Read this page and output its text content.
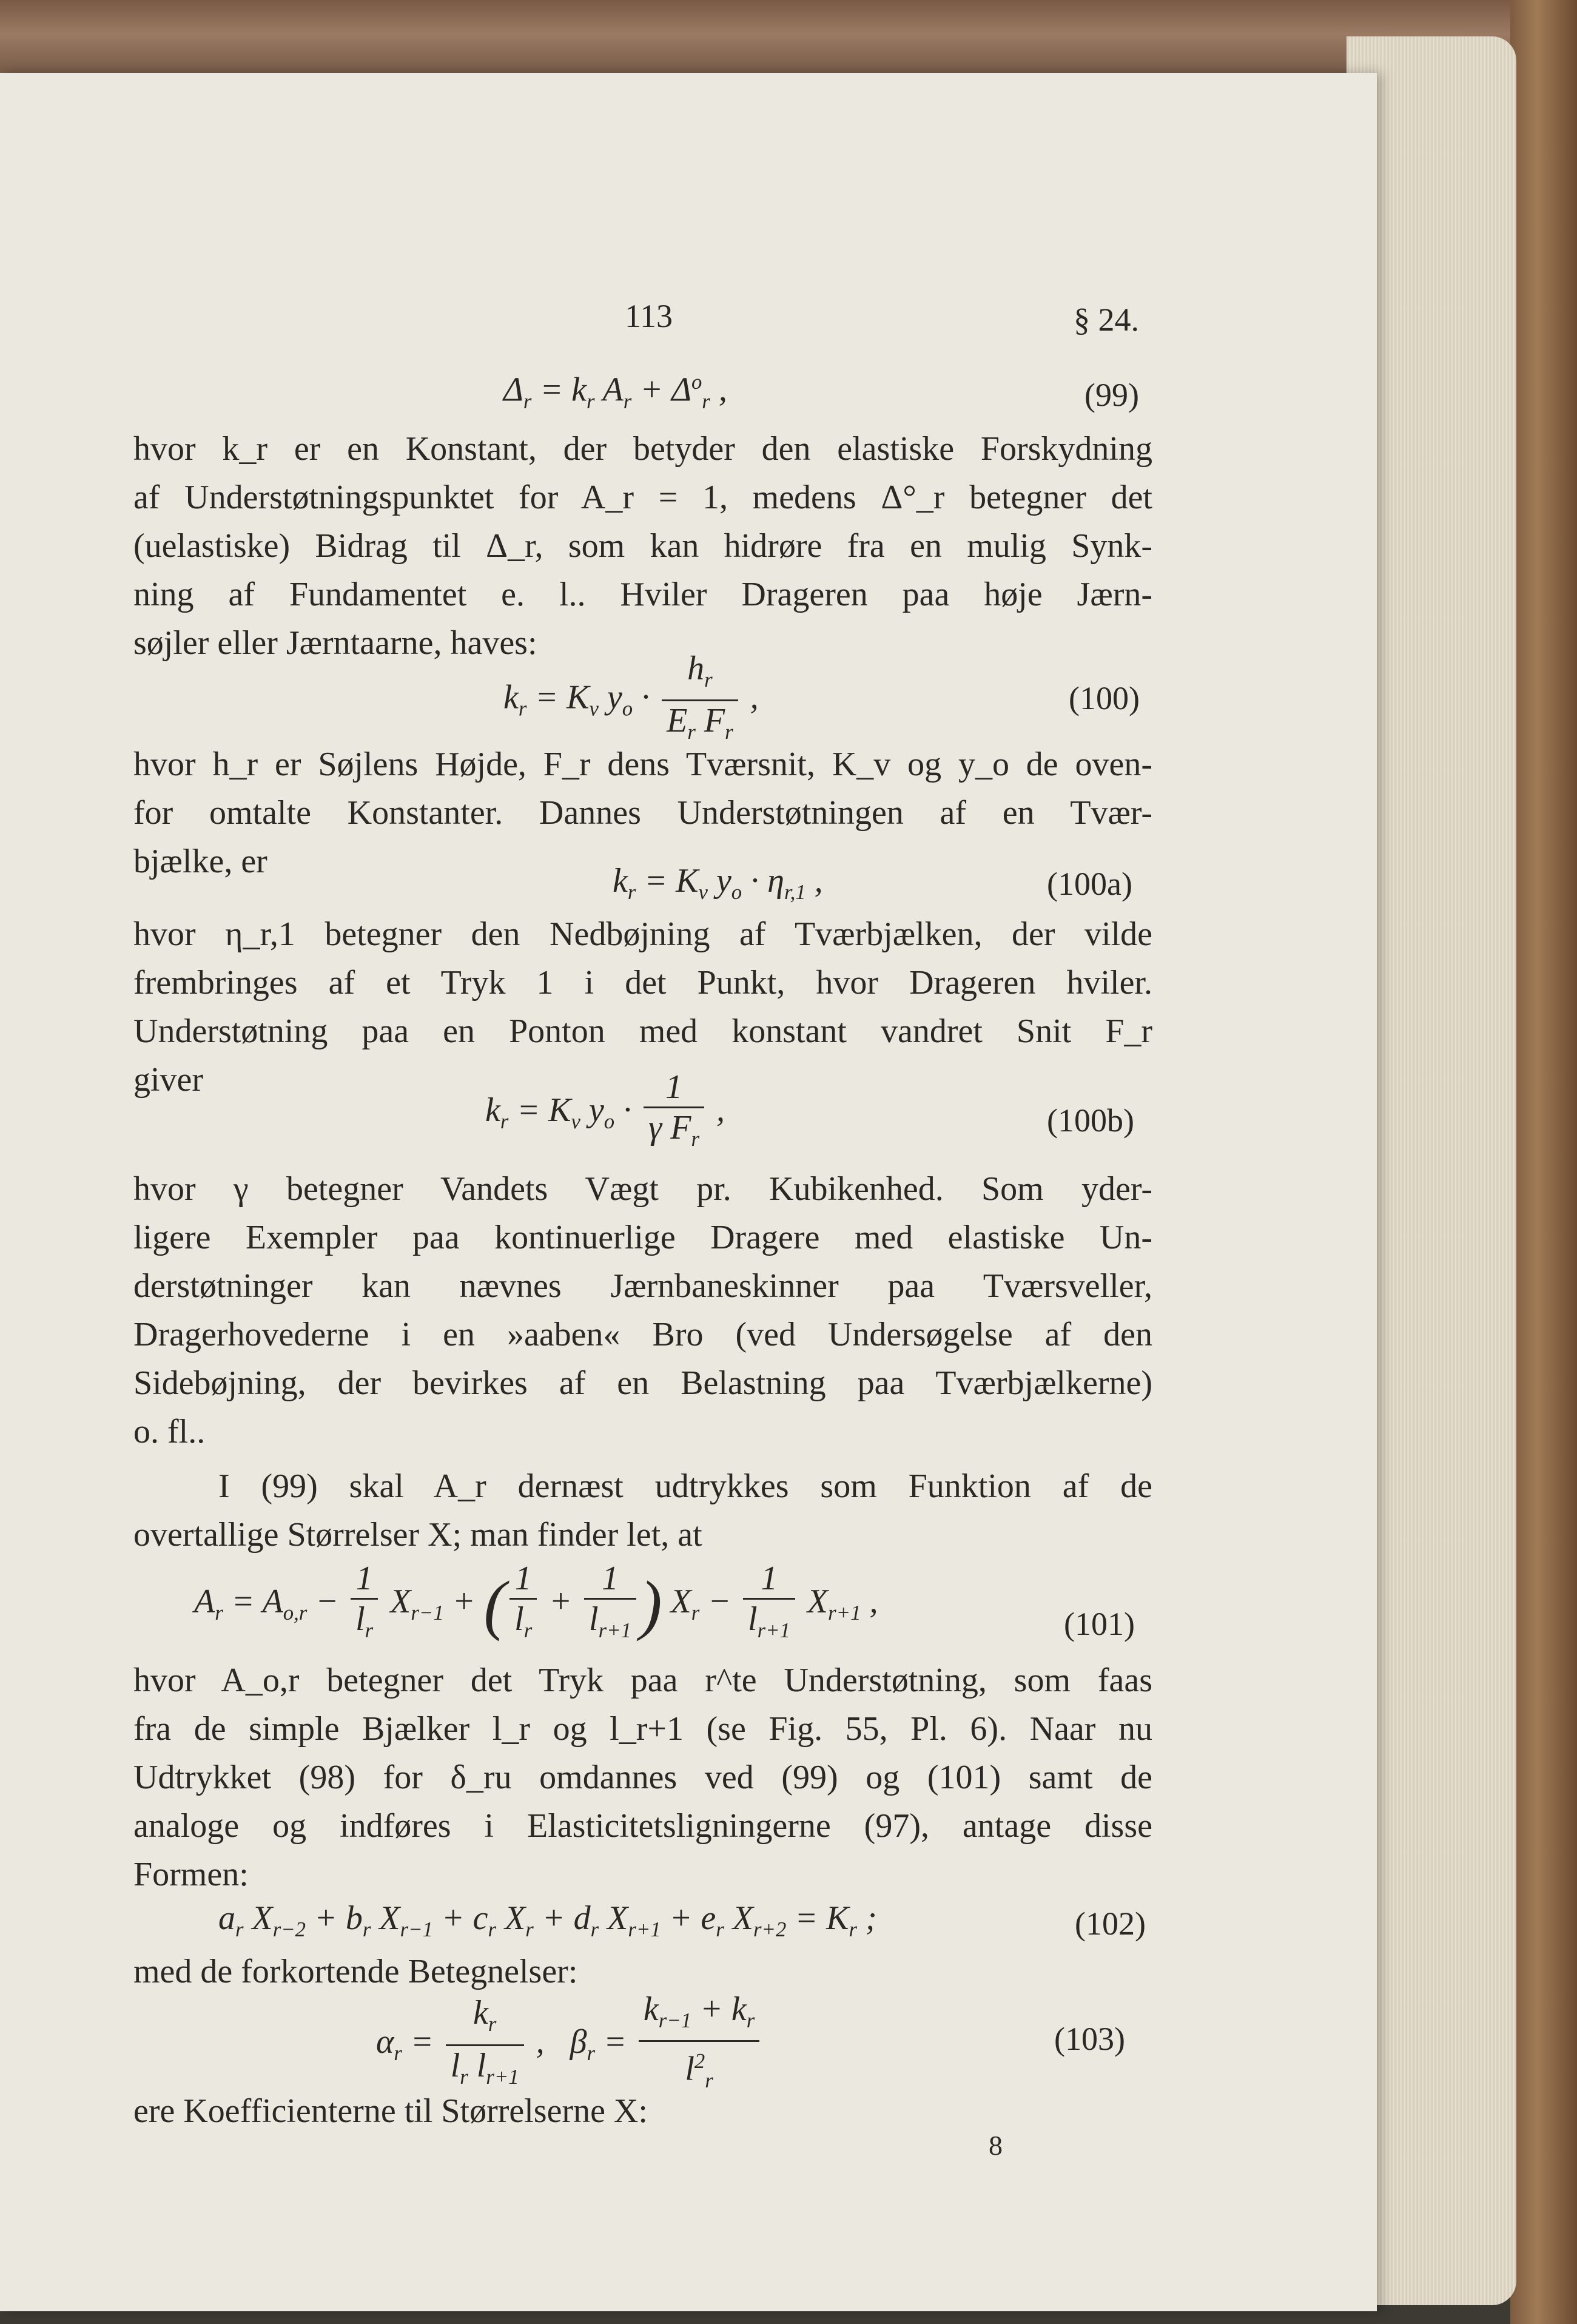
113	§ 24.
$\Delta_r = k_r$ $A_r + \Delta^o_r$ ,	(99)
hvor k_r er en Konstant, der betyder den elastiske Forskydning
af Understøtningspunktet for A_r = 1, medens Δ°_r betegner det
(uelastiske) Bidrag til Δ_r, som kan hidrøre fra en mulig Synk-
ning af Fundamentet e. l.. Hviler Drageren paa høje Jærn-
søjler eller Jærntaarne, haves:
$k_r = K_v$ $y_o \cdot \frac{h_r}{E_r F_r}$ ,	(100)
hvor h_r er Søjlens Højde, F_r dens Tværsnit, K_v og y_o de oven-
for omtalte Konstanter. Dannes Understøtningen af en Tvær-
bjælke, er
$k_r = K_v$ $y_o \cdot \eta_{r,1}$ ,	(100a)
hvor η_r,1 betegner den Nedbøjning af Tværbjælken, der vilde
frembringes af et Tryk 1 i det Punkt, hvor Drageren hviler.
Understøtning paa en Ponton med konstant vandret Snit F_r
giver
$k_r = K_v$ $y_o \cdot \frac{1}{\gamma F_r}$ ,	(100b)
hvor γ betegner Vandets Vægt pr. Kubikenhed. Som yder-
ligere Exempler paa kontinuerlige Dragere med elastiske Un-
derstøtninger kan nævnes Jærnbaneskinner paa Tværsveller,
Dragerhovederne i en »aaben« Bro (ved Undersøgelse af den
Sidebøjning, der bevirkes af en Belastning paa Tværbjælkerne)
o. fl..
I (99) skal A_r dernæst udtrykkes som Funktion af de
overtallige Størrelser X; man finder let, at
$A_r = A_{o,r} - \frac{1}{l_r} X_{r-1}$ + ( $\frac{1}{l_r} + \frac{1}{l_{r+1}}$ ) $X_r - \frac{1}{l_{r+1}} X_{r+1}$ ,
(101)
hvor A_o,r betegner det Tryk paa r^te Understøtning, som faas
fra de simple Bjælker l_r og l_r+1 (se Fig. 55, Pl. 6). Naar nu
Udtrykket (98) for δ_ru omdannes ved (99) og (101) samt de
analoge og indføres i Elasticitetsligningerne (97), antage disse
Formen:
$a_r$ $X_{r-2} + b_r$ $X_{r-1} + c_r$ $X_r + d_r$ $X_{r+1} + e_r$ $X_{r+2} = K_r$ ;	(102)
med de forkortende Betegnelser:
$\alpha_r = \frac{k_r}{l_r l_{r+1}}$ ,   $\beta_r = \frac{k_{r-1} + k_r}{l^2_r}$	(103)
ere Koefficienterne til Størrelserne X:
8
